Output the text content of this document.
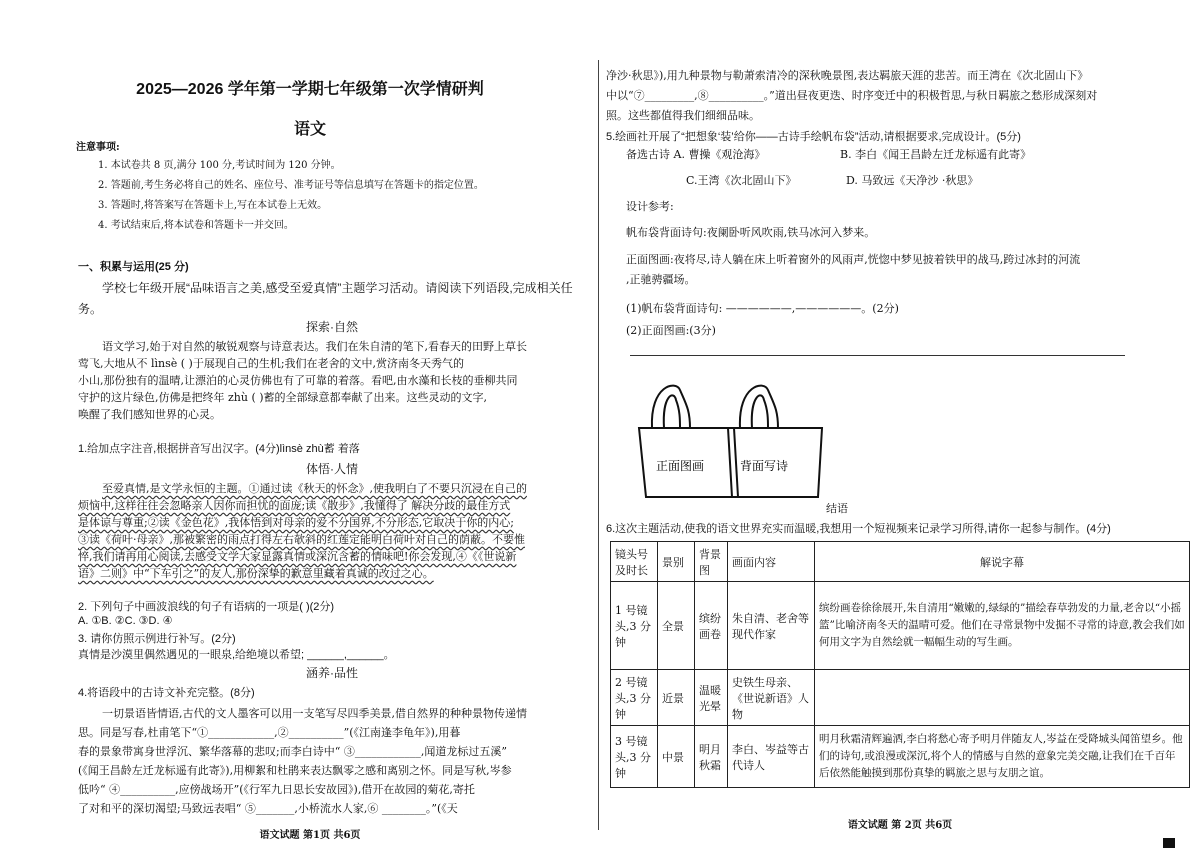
2025—2026 学年第一学期七年级第一次学情研判
语文
注意事项:
1. 本试卷共 8 页,满分 100 分,考试时间为 120 分钟。
2. 答题前,考生务必将自己的姓名、座位号、准考证号等信息填写在答题卡的指定位置。
3. 答题时,将答案写在答题卡上,写在本试卷上无效。
4. 考试结束后,将本试卷和答题卡一并交回。
一、积累与运用(25 分)
学校七年级开展“品味语言之美,感受至爱真情”主题学习活动。请阅读下列语段,完成相关任务。
探索·自然
语文学习,始于对自然的敏锐观察与诗意表达。我们在朱自清的笔下,看春天的田野上草长
莺飞,大地从不 lìnsè ( )于展现自己的生机;我们在老舍的文中,赏济南冬天秀气的
小山,那份独有的温晴,让漂泊的心灵仿佛也有了可靠的着落。看吧,由水藻和长枝的垂柳共同
守护的这片绿色,仿佛是把终年 zhù ( )蓄的全部绿意都奉献了出来。这些灵动的文字,
唤醒了我们感知世界的心灵。
1.给加点字注音,根据拼音写出汉字。(4分)lìnsè zhù蓄 着落
体悟·人情
至爱真情,是文学永恒的主题。①通过读《秋天的怀念》,使我明白了不要只沉浸在自己的
烦恼中,这样往往会忽略亲人因你而担忧的面庞;读《散步》,我懂得了 解决分歧的最佳方式
是体谅与尊重;②读《金色花》,我体悟到对母亲的爱不分国界,不分形态,它取决于你的内心;
③读《荷叶·母亲》,那被繁密的雨点打得左右欹斜的红莲定能明白荷叶对自己的荫蔽。不要惟
悴,我们请再用心阅读,去感受文学大家显露真情或深沉含蓄的情味吧!你会发现,④《《世说新
语》二则》中“下车引之”的友人,那份深挚的歉意里藏着真诚的改过之心。
2. 下列句子中画波浪线的句子有语病的一项是( )(2分)
A. ①B. ②C. ③D. ④
3. 请你仿照示例进行补写。(2分)
真情是沙漠里偶然遇见的一眼泉,给绝境以希望; ______,______。
涵养·品性
4.将语段中的古诗文补充完整。(8分)
一切景语皆情语,古代的文人墨客可以用一支笔写尽四季美景,借自然界的种种景物传递情
思。同是写春,杜甫笔下“①____________,②__________”(《江南逢李龟年》),用暮
春的景象带寓身世浮沉、繁华落幕的悲叹;而李白诗中“ ③____________,闻道龙标过五溪”
(《闻王昌龄左迁龙标遥有此寄》),用柳絮和杜鹃来表达飘零之感和离别之怀。同是写秋,岑参
低吟“ ④__________,应傍战场开”(《行军九日思长安故园》),借开在故园的菊花,寄托
了对和平的深切渴望;马致远表唱“ ⑤_______,小桥流水人家,⑥ ________。”(《天
语文试题 第1页 共6页
净沙·秋思》),用九种景物与勒萧索清冷的深秋晚景图,表达羁旅天涯的悲苦。而王湾在《次北固山下》
中以“⑦_________,⑧__________。”道出昼夜更迭、时序变迁中的积极哲思,与秋日羁旅之愁形成深刻对
照。这些都值得我们细细品味。
5.绘画社开展了“把想象‘装’给你——古诗手绘帆布袋”活动,请根据要求,完成设计。(5分)
备选古诗 A. 曹操《观沧海》	B. 李白《闻王昌龄左迁龙标遥有此寄》
C.王湾《次北固山下》	D. 马致远《天净沙 ·秋思》
设计参考:
帆布袋背面诗句:夜阑卧听风吹雨,铁马冰河入梦来。
正面图画:夜将尽,诗人躺在床上听着窗外的风雨声,恍惚中梦见披着铁甲的战马,跨过冰封的河流
,正驰骋疆场。
(1)帆布袋背面诗句: ——————,——————。(2分)
(2)正面图画:(3分)
正面图画	背面写诗
结语
6.这次主题活动,使我的语文世界充实而温暖,我想用一个短视频来记录学习所得,请你一起参与制作。(4分)
语文试题 第 2页 共6页
镜头号及时长	景别	背景图	画面内容	解说字幕
1 号镜头,3 分钟	全景	缤纷画卷	朱自清、老舍等现代作家	缤纷画卷徐徐展开,朱自清用“嫩嫩的,绿绿的”描绘春草勃发的力量,老舍以“小摇篮”比喻济南冬天的温晴可爱。他们在寻常景物中发掘不寻常的诗意,教会我们如何用文字为自然绘就一幅幅生动的写生画。
2 号镜头,3 分钟	近景	温暖光晕	史铁生母亲、《世说新语》人物	
3 号镜头,3 分钟	中景	明月秋霜	李白、岑益等古代诗人	明月秋霜清辉遍洒,李白将愁心寄予明月伴随友人,岑益在受降城头闻笛望乡。他们的诗句,或浪漫或深沉,将个人的情感与自然的意象完美交融,让我们在千百年后依然能触摸到那份真挚的羁旅之思与友朋之谊。
